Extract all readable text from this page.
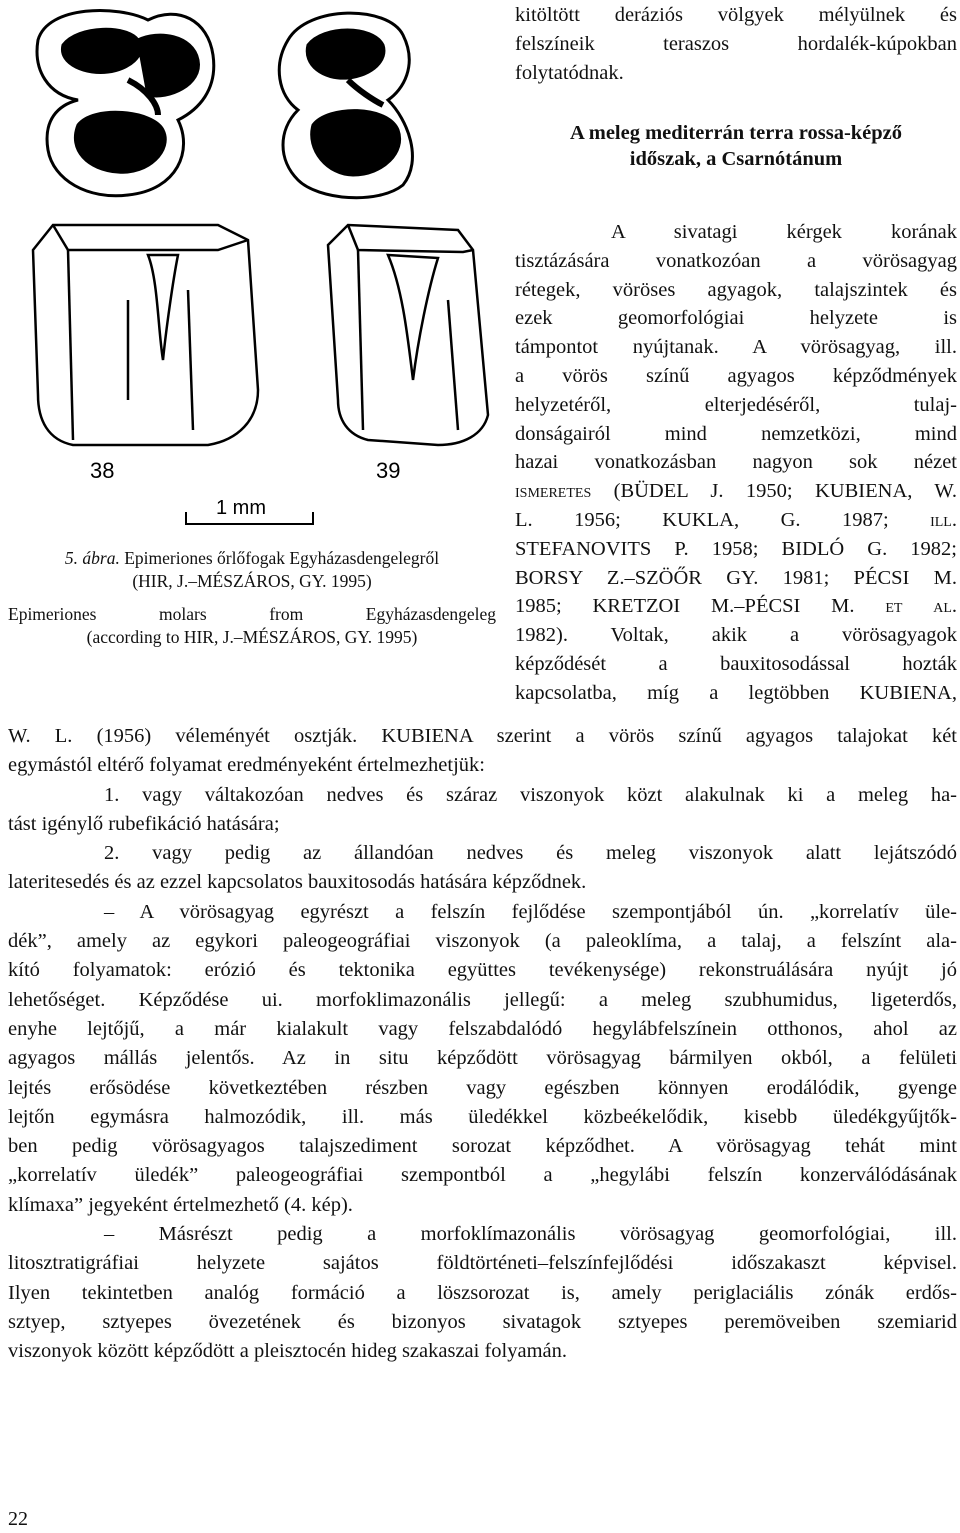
38	39
1 mm
5. ábra. Epimeriones őrlőfogak Egyházasdengelegről
(HIR, J.–MÉSZÁROS, GY. 1995)
Epimeriones molars from Egyházasdengeleg
(according to HIR, J.–MÉSZÁROS, GY. 1995)
kitöltött deráziós völgyek mélyülnek és
felszíneik teraszos hordalék-kúpokban
folytatódnak.
A meleg mediterrán terra rossa-képző
időszak, a Csarnótánum
A sivatagi kérgek korának
tisztázására vonatkozóan a vörösagyag
rétegek, vöröses agyagok, talajszintek és
ezek geomorfológiai helyzete is
támpontot nyújtanak. A vörösagyag, ill.
a vörös színű agyagos képződmények
helyzetéről, elterjedéséről, tulaj-
donságairól mind nemzetközi, mind
hazai vonatkozásban nagyon sok nézet
ismeretes (BÜDEL J. 1950; KUBIENA, W.
L. 1956; KUKLA, G. 1987; ill.
STEFANOVITS P. 1958; BIDLÓ G. 1982;
BORSY Z.–SZÖŐR GY. 1981; PÉCSI M.
1985; KRETZOI M.–PÉCSI M. et al.
1982). Voltak, akik a vörösagyagok
képződését a bauxitosodással hozták
kapcsolatba, míg a legtöbben KUBIENA,
W. L. (1956) véleményét osztják. KUBIENA szerint a vörös színű agyagos talajokat két
egymástól eltérő folyamat eredményeként értelmezhetjük:
1. vagy váltakozóan nedves és száraz viszonyok közt alakulnak ki a meleg ha-
tást igénylő rubefikáció hatására;
2. vagy pedig az állandóan nedves és meleg viszonyok alatt lejátszódó
lateritesedés és az ezzel kapcsolatos bauxitosodás hatására képződnek.
– A vörösagyag egyrészt a felszín fejlődése szempontjából ún. „korrelatív üle-
dék”, amely az egykori paleogeográfiai viszonyok (a paleoklíma, a talaj, a felszínt ala-
kító folyamatok: erózió és tektonika együttes tevékenysége) rekonstruálására nyújt jó
lehetőséget. Képződése ui. morfoklimazonális jellegű: a meleg szubhumidus, ligeterdős,
enyhe lejtőjű, a már kialakult vagy felszabdalódó hegylábfelszínein otthonos, ahol az
agyagos mállás jelentős. Az in situ képződött vörösagyag bármilyen okból, a felületi
lejtés erősödése következtében részben vagy egészben könnyen erodálódik, gyenge
lejtőn egymásra halmozódik, ill. más üledékkel közbeékelődik, kisebb üledékgyűjtők-
ben pedig vörösagyagos talajszediment sorozat képződhet. A vörösagyag tehát mint
„korrelatív üledék” paleogeográfiai szempontból a „hegylábi felszín konzerválódásának
klímaxa” jegyeként értelmezhető (4. kép).
– Másrészt pedig a morfoklímazonális vörösagyag geomorfológiai, ill.
litosztratigráfiai helyzete sajátos földtörténeti–felszínfejlődési időszakaszt képvisel.
Ilyen tekintetben analóg formáció a löszsorozat is, amely periglaciális zónák erdős-
sztyep, sztyepes övezetének és bizonyos sivatagok sztyepes peremöveiben szemiarid
viszonyok között képződött a pleisztocén hideg szakaszai folyamán.
22
